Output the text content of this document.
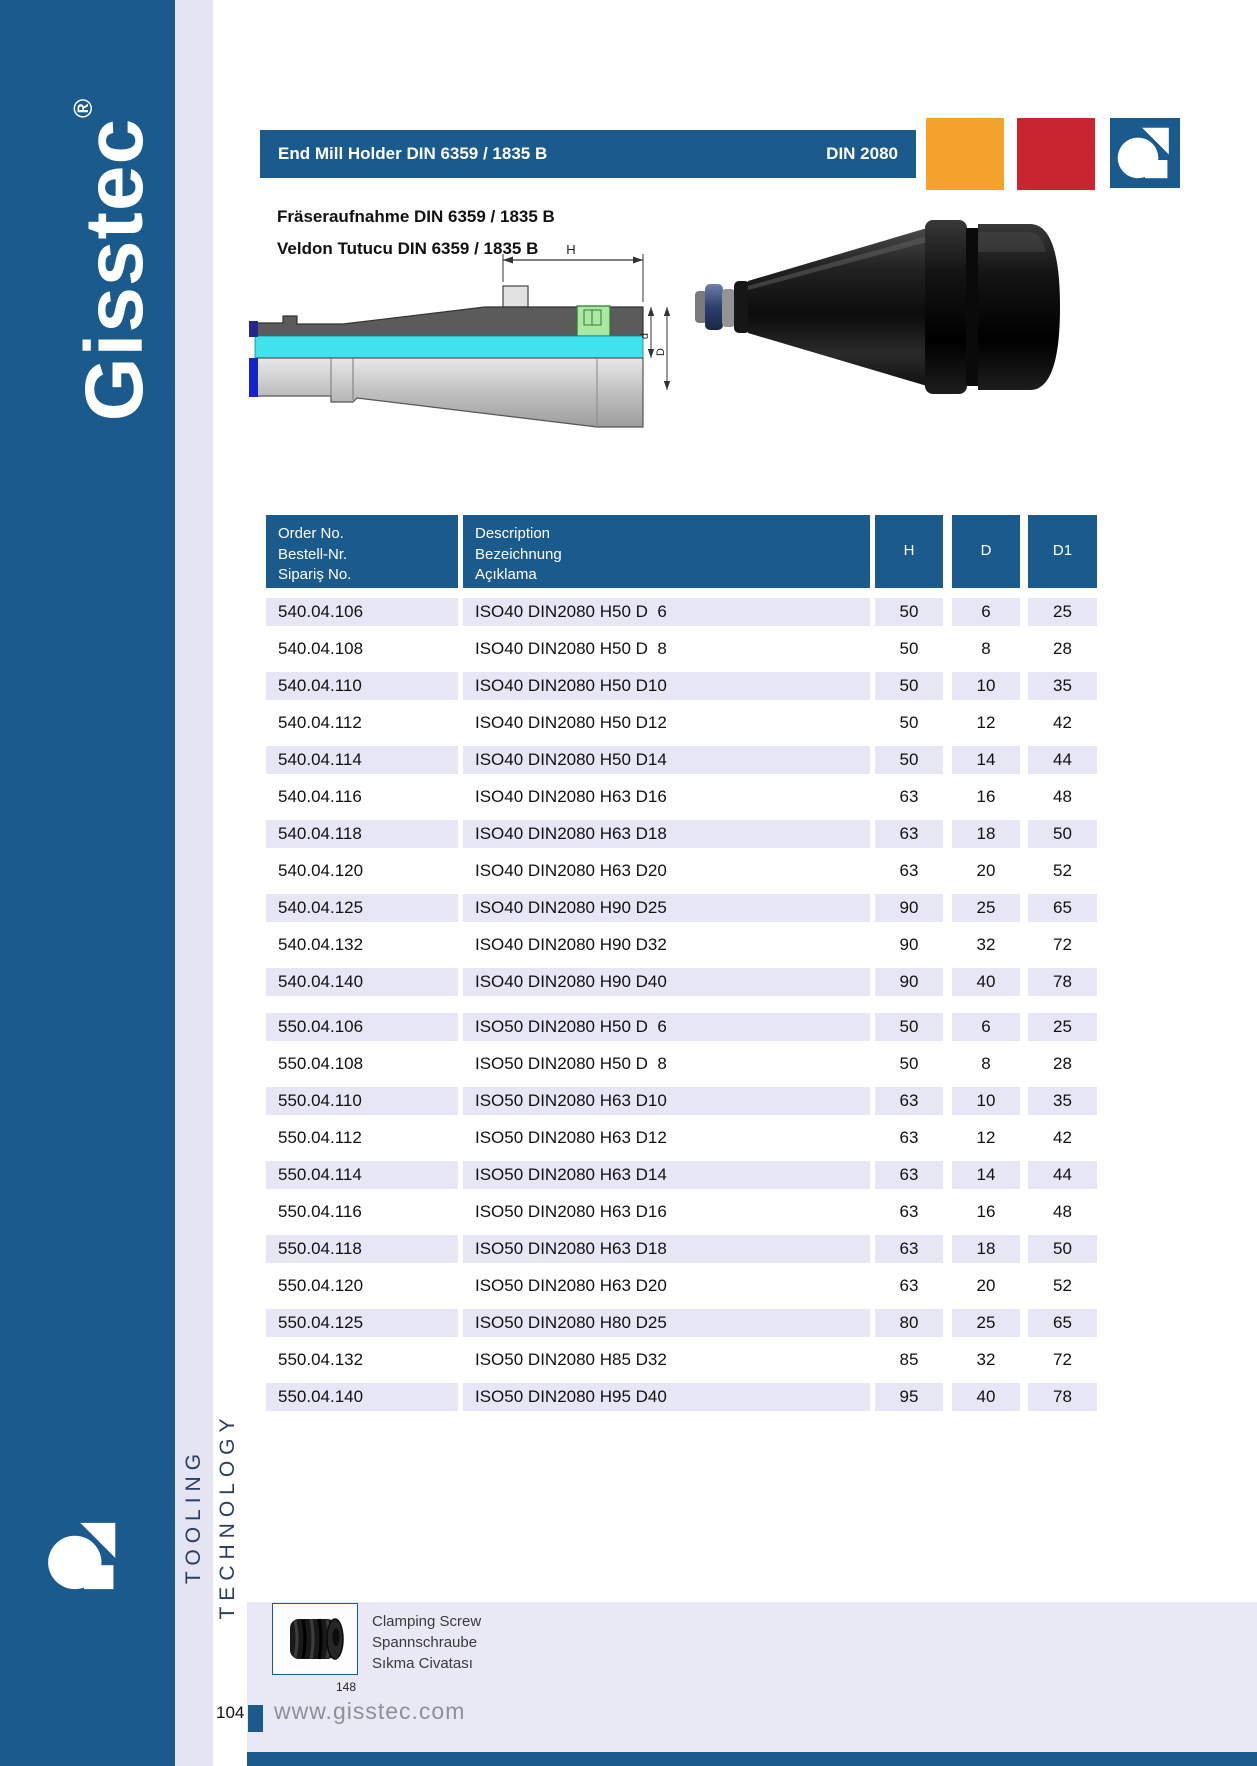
Gisstec®
TOOLING TECHNOLOGY
End Mill Holder DIN 6359 / 1835 B	DIN 2080
Fräseraufnahme DIN 6359 / 1835 B
Veldon Tutucu DIN 6359 / 1835 B H
d
D
Order No.
Bestell-Nr.
Sipariş No.
Description
Bezeichnung
Açıklama
H	D	D1
540.04.106	ISO40 DIN2080 H50 D  6	50	6	25
540.04.108	ISO40 DIN2080 H50 D  8	50	8	28
540.04.110	ISO40 DIN2080 H50 D10	50	10	35
540.04.112	ISO40 DIN2080 H50 D12	50	12	42
540.04.114	ISO40 DIN2080 H50 D14	50	14	44
540.04.116	ISO40 DIN2080 H63 D16	63	16	48
540.04.118	ISO40 DIN2080 H63 D18	63	18	50
540.04.120	ISO40 DIN2080 H63 D20	63	20	52
540.04.125	ISO40 DIN2080 H90 D25	90	25	65
540.04.132	ISO40 DIN2080 H90 D32	90	32	72
540.04.140	ISO40 DIN2080 H90 D40	90	40	78
550.04.106	ISO50 DIN2080 H50 D  6	50	6	25
550.04.108	ISO50 DIN2080 H50 D  8	50	8	28
550.04.110	ISO50 DIN2080 H63 D10	63	10	35
550.04.112	ISO50 DIN2080 H63 D12	63	12	42
550.04.114	ISO50 DIN2080 H63 D14	63	14	44
550.04.116	ISO50 DIN2080 H63 D16	63	16	48
550.04.118	ISO50 DIN2080 H63 D18	63	18	50
550.04.120	ISO50 DIN2080 H63 D20	63	20	52
550.04.125	ISO50 DIN2080 H80 D25	80	25	65
550.04.132	ISO50 DIN2080 H85 D32	85	32	72
550.04.140	ISO50 DIN2080 H95 D40	95	40	78
Clamping Screw
Spannschraube
Sıkma Civatası
148
104 www.gisstec.com
